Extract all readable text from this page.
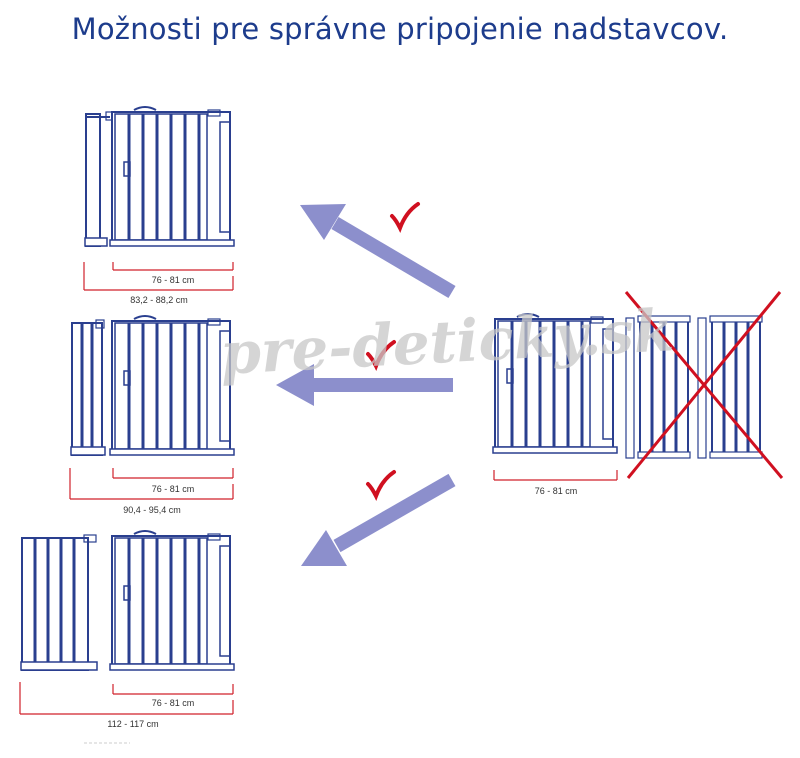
Možnosti pre správne pripojenie nadstavcov.
76 - 81 cm
83,2 - 88,2 cm
76 - 81 cm
90,4 - 95,4 cm
76 - 81 cm
112 - 117 cm
76 - 81 cm
pre-deticky.sk
